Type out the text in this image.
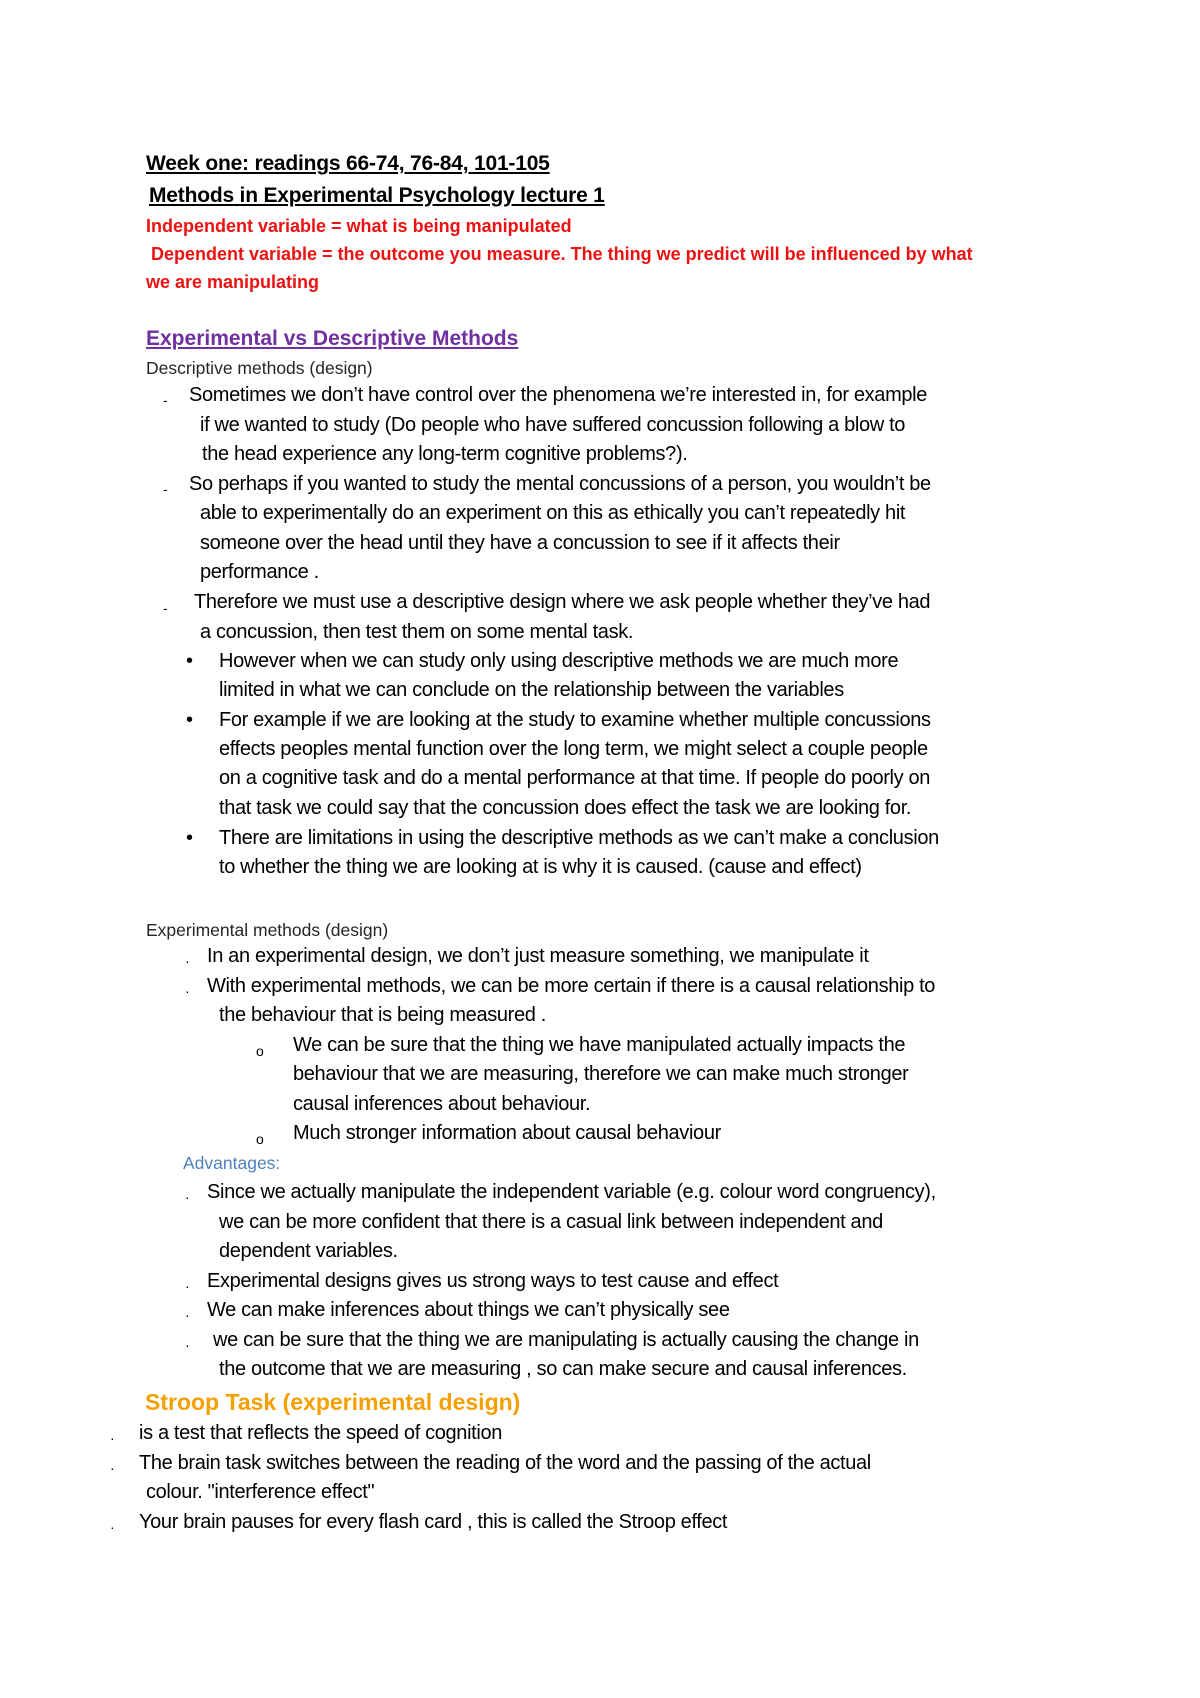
Week one: readings 66-74, 76-84, 101-105
Methods in Experimental Psychology lecture 1
Independent variable = what is being manipulated
Dependent variable = the outcome you measure. The thing we predict will be influenced by what
we are manipulating
Experimental vs Descriptive Methods
Descriptive methods (design)
- Sometimes we don’t have control over the phenomena we’re interested in, for example
if we wanted to study (Do people who have suffered concussion following a blow to
the head experience any long-term cognitive problems?).
- So perhaps if you wanted to study the mental concussions of a person, you wouldn’t be
able to experimentally do an experiment on this as ethically you can’t repeatedly hit
someone over the head until they have a concussion to see if it affects their
performance .
- Therefore we must use a descriptive design where we ask people whether they’ve had
a concussion, then test them on some mental task.
• However when we can study only using descriptive methods we are much more
limited in what we can conclude on the relationship between the variables
• For example if we are looking at the study to examine whether multiple concussions
effects peoples mental function over the long term, we might select a couple people
on a cognitive task and do a mental performance at that time. If people do poorly on
that task we could say that the concussion does effect the task we are looking for.
• There are limitations in using the descriptive methods as we can’t make a conclusion
to whether the thing we are looking at is why it is caused. (cause and effect)
Experimental methods (design)
· In an experimental design, we don’t just measure something, we manipulate it
· With experimental methods, we can be more certain if there is a causal relationship to
the behaviour that is being measured .
o We can be sure that the thing we have manipulated actually impacts the
behaviour that we are measuring, therefore we can make much stronger
causal inferences about behaviour.
o Much stronger information about causal behaviour
Advantages:
· Since we actually manipulate the independent variable (e.g. colour word congruency),
we can be more confident that there is a casual link between independent and
dependent variables.
· Experimental designs gives us strong ways to test cause and effect
· We can make inferences about things we can’t physically see
· we can be sure that the thing we are manipulating is actually causing the change in
the outcome that we are measuring , so can make secure and causal inferences.
Stroop Task (experimental design)
· is a test that reflects the speed of cognition
· The brain task switches between the reading of the word and the passing of the actual
colour. "interference effect"
· Your brain pauses for every flash card , this is called the Stroop effect
